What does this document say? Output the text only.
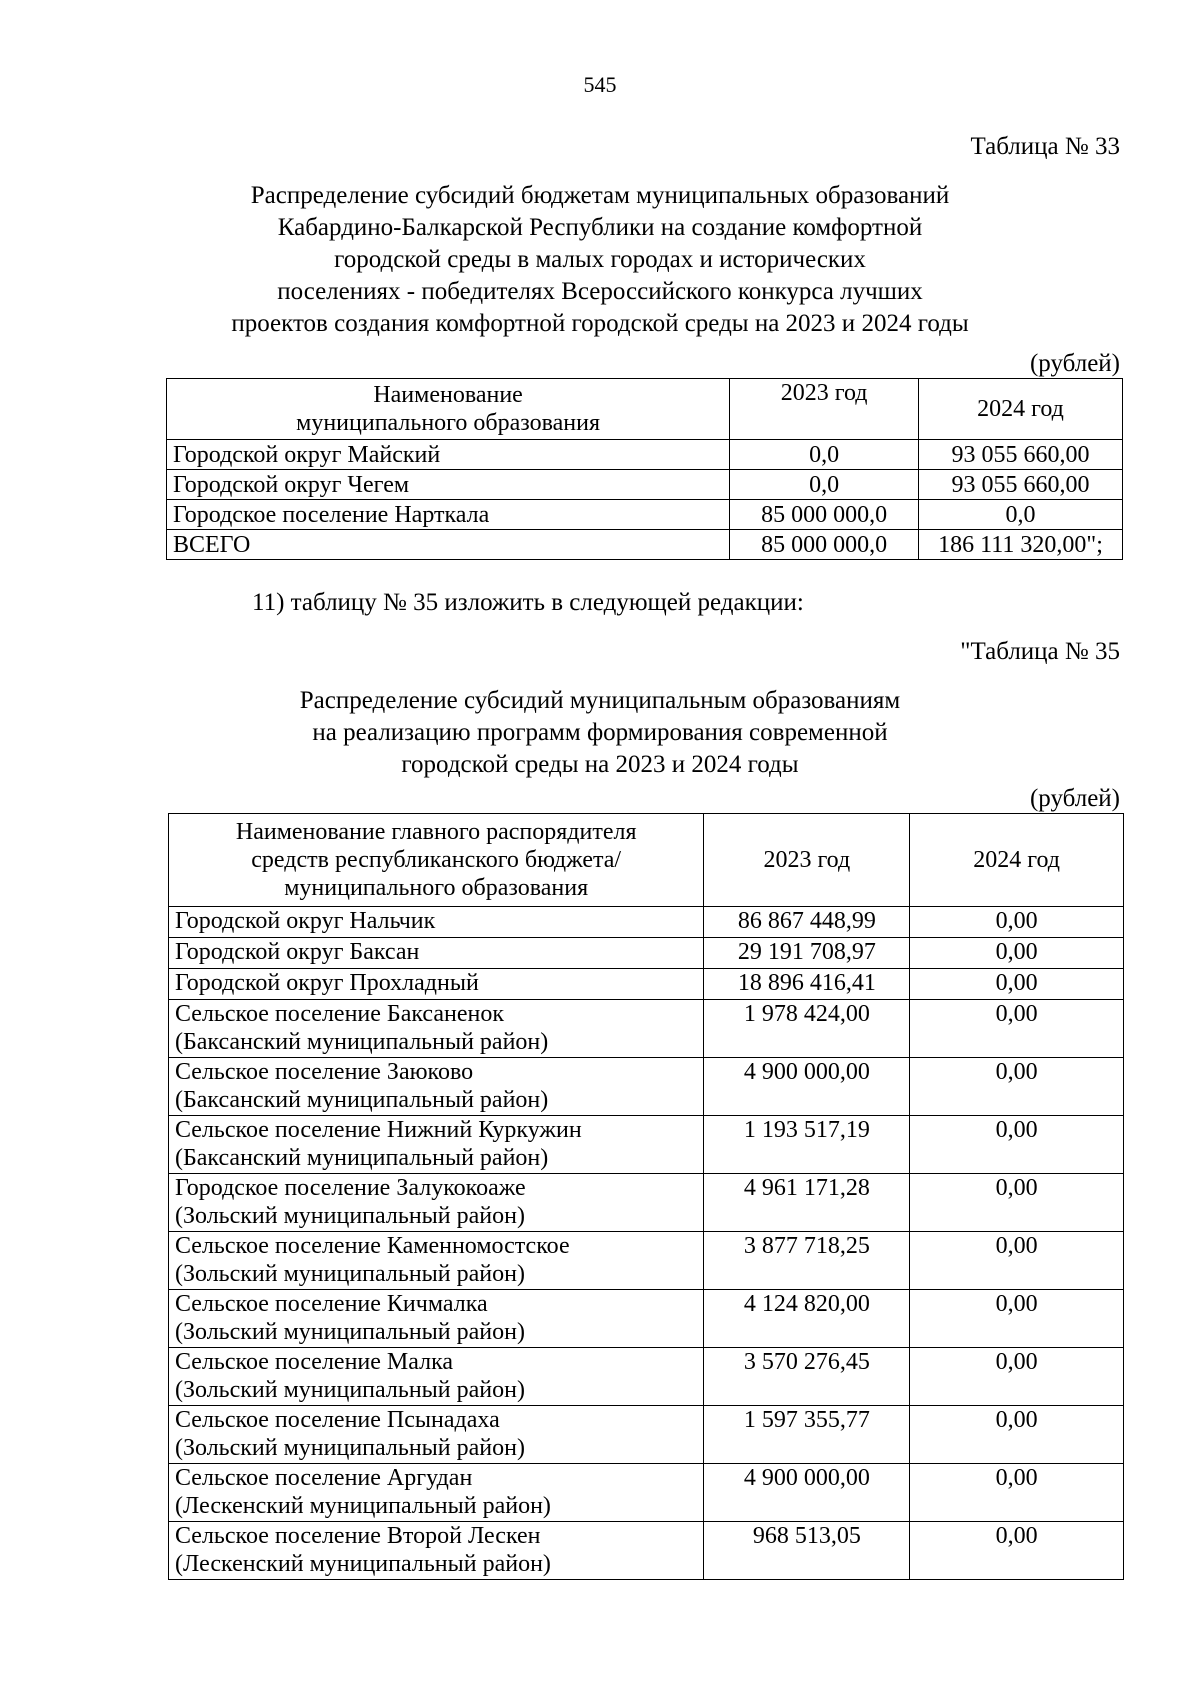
545
Таблица № 33
Распределение субсидий бюджетам муниципальных образований
Кабардино-Балкарской Республики на создание комфортной
городской среды в малых городах и исторических
поселениях - победителях Всероссийского конкурса лучших
проектов создания комфортной городской среды на 2023 и 2024 годы
(рублей)
Наименование
муниципального образования	2023 год	2024 год
Городской округ Майский	0,0	93 055 660,00
Городской округ Чегем	0,0	93 055 660,00
Городское поселение Нарткала	85 000 000,0	0,0
ВСЕГО	85 000 000,0	186 111 320,00";
11) таблицу № 35 изложить в следующей редакции:
"Таблица № 35
Распределение субсидий муниципальным образованиям
на реализацию программ формирования современной
городской среды на 2023 и 2024 годы
(рублей)
Наименование главного распорядителя
средств республиканского бюджета/
муниципального образования	2023 год	2024 год

Городской округ Нальчик	86 867 448,99	0,00

Городской округ Баксан	29 191 708,97	0,00

Городской округ Прохладный	18 896 416,41	0,00

Сельское поселение Баксаненок
(Баксанский муниципальный район)	1 978 424,00	0,00

Сельское поселение Заюково
(Баксанский муниципальный район)	4 900 000,00	0,00

Сельское поселение Нижний Куркужин
(Баксанский муниципальный район)	1 193 517,19	0,00

Городское поселение Залукокоаже
(Зольский муниципальный район)	4 961 171,28	0,00

Сельское поселение Каменномостское
(Зольский муниципальный район)	3 877 718,25	0,00

Сельское поселение Кичмалка
(Зольский муниципальный район)	4 124 820,00	0,00

Сельское поселение Малка
(Зольский муниципальный район)	3 570 276,45	0,00

Сельское поселение Псынадаха
(Зольский муниципальный район)	1 597 355,77	0,00

Сельское поселение Аргудан
(Лескенский муниципальный район)	4 900 000,00	0,00

Сельское поселение Второй Лескен
(Лескенский муниципальный район)	968 513,05	0,00
